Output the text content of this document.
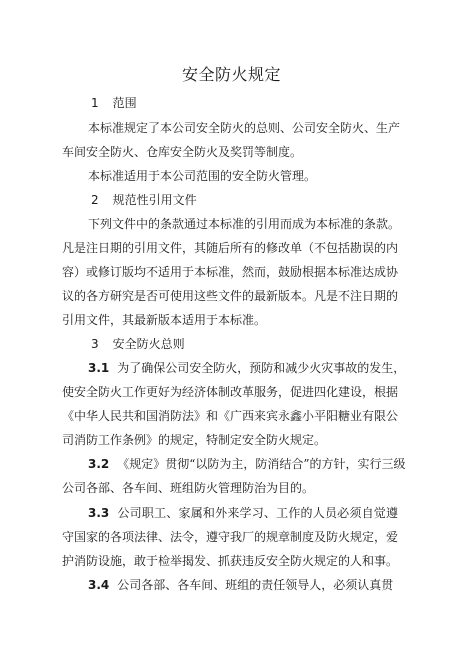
安全防火规定
1 范围
本标准规定了本公司安全防火的总则、公司安全防火、生产
车间安全防火、仓库安全防火及奖罚等制度。
本标准适用于本公司范围的安全防火管理。
2 规范性引用文件
下列文件中的条款通过本标准的引用而成为本标准的条款。
凡是注日期的引用文件，其随后所有的修改单（不包括勘误的内
容）或修订版均不适用于本标准，然而，鼓励根据本标准达成协
议的各方研究是否可使用这些文件的最新版本。凡是不注日期的
引用文件，其最新版本适用于本标准。
3 安全防火总则
3.1 为了确保公司安全防火，预防和减少火灾事故的发生，
使安全防火工作更好为经济体制改革服务，促进四化建设，根据
《中华人民共和国消防法》和《广西来宾永鑫小平阳糖业有限公
司消防工作条例》的规定，特制定安全防火规定。
3.2 《规定》贯彻“以防为主，防消结合”的方针，实行三级
公司各部、各车间、班组防火管理防治为目的。
3.3 公司职工、家属和外来学习、工作的人员必须自觉遵
守国家的各项法律、法令，遵守我厂的规章制度及防火规定，爱
护消防设施，敢于检举揭发、抓获违反安全防火规定的人和事。
3.4 公司各部、各车间、班组的责任领导人，必须认真贯
